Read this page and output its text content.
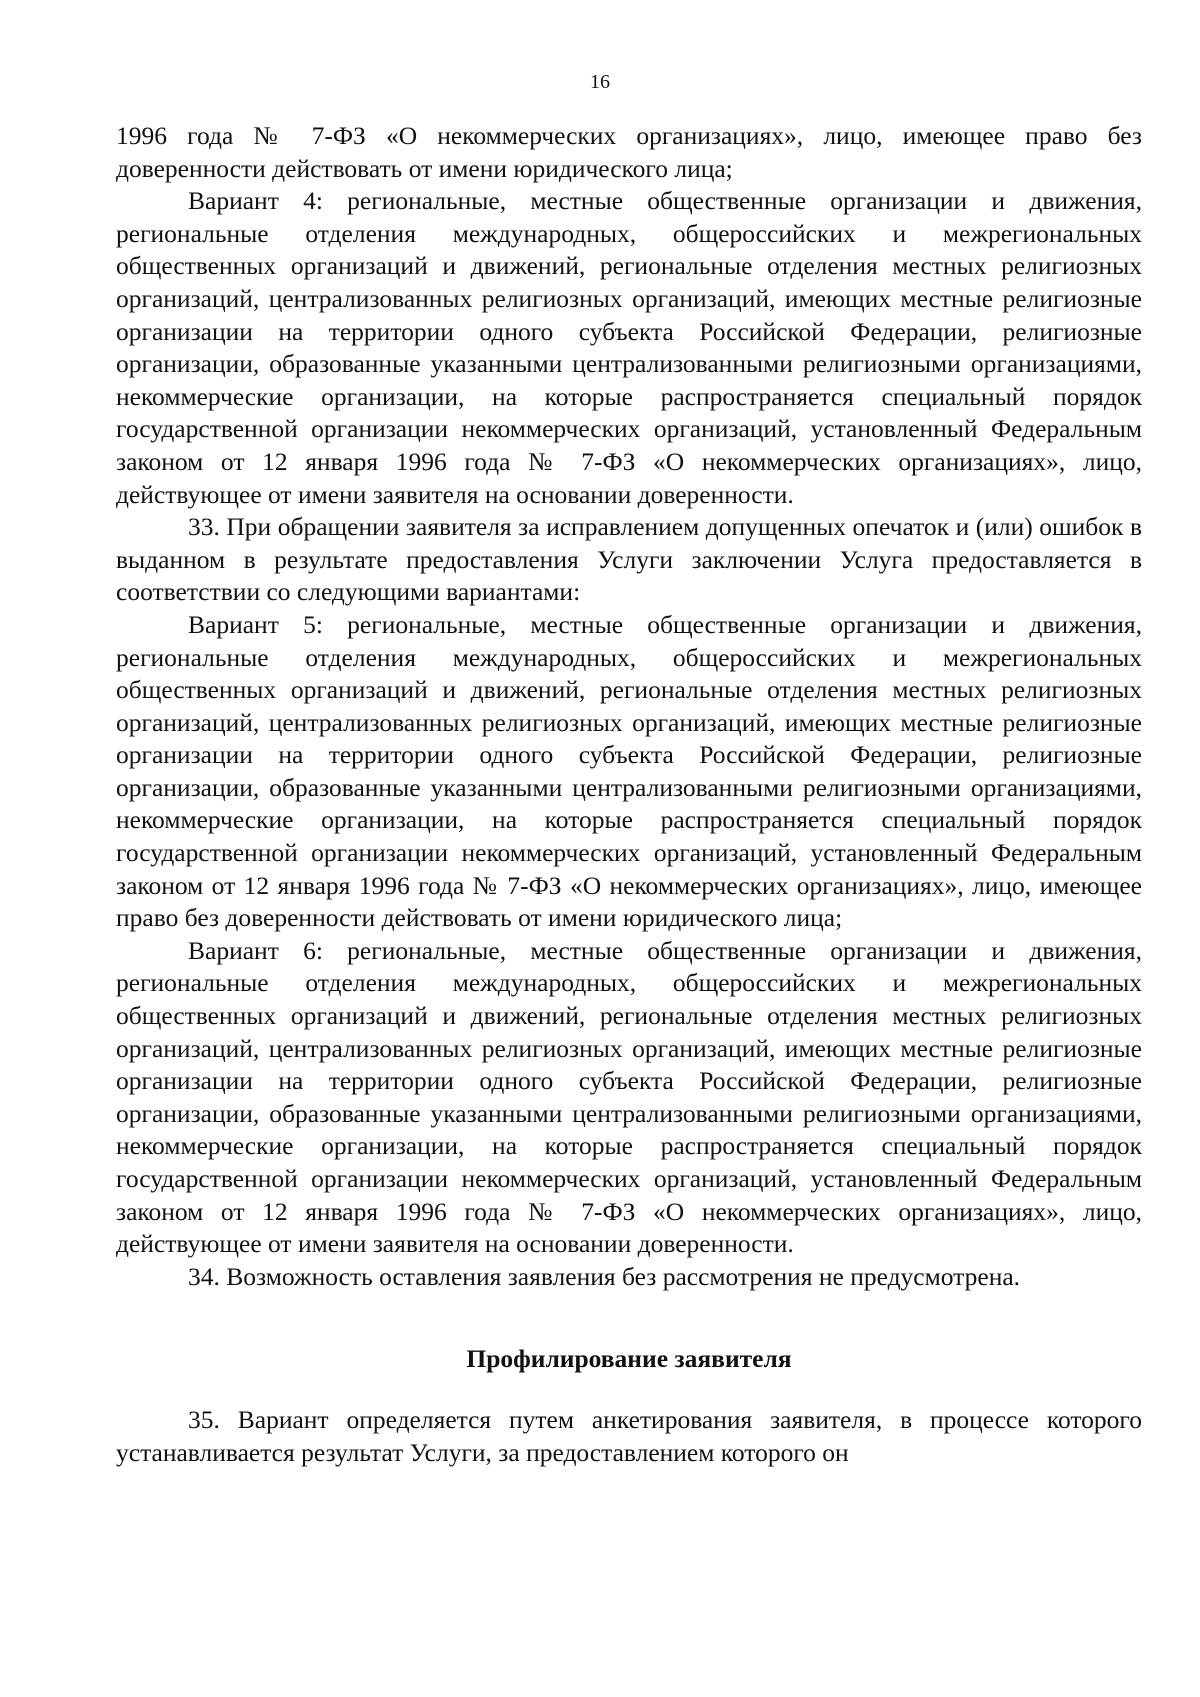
16

1996 года № 7-ФЗ «О некоммерческих организациях», лицо, имеющее право без доверенности действовать от имени юридического лица;

Вариант 4: региональные, местные общественные организации и движения, региональные отделения международных, общероссийских и межрегиональных общественных организаций и движений, региональные отделения местных религиозных организаций, централизованных религиозных организаций, имеющих местные религиозные организации на территории одного субъекта Российской Федерации, религиозные организации, образованные указанными централизованными религиозными организациями, некоммерческие организации, на которые распространяется специальный порядок государственной организации некоммерческих организаций, установленный Федеральным законом от 12 января 1996 года № 7-ФЗ «О некоммерческих организациях», лицо, действующее от имени заявителя на основании доверенности.

33. При обращении заявителя за исправлением допущенных опечаток и (или) ошибок в выданном в результате предоставления Услуги заключении Услуга предоставляется в соответствии со следующими вариантами:

Вариант 5: региональные, местные общественные организации и движения, региональные отделения международных, общероссийских и межрегиональных общественных организаций и движений, региональные отделения местных религиозных организаций, централизованных религиозных организаций, имеющих местные религиозные организации на территории одного субъекта Российской Федерации, религиозные организации, образованные указанными централизованными религиозными организациями, некоммерческие организации, на которые распространяется специальный порядок государственной организации некоммерческих организаций, установленный Федеральным законом от 12 января 1996 года № 7-ФЗ «О некоммерческих организациях», лицо, имеющее право без доверенности действовать от имени юридического лица;

Вариант 6: региональные, местные общественные организации и движения, региональные отделения международных, общероссийских и межрегиональных общественных организаций и движений, региональные отделения местных религиозных организаций, централизованных религиозных организаций, имеющих местные религиозные организации на территории одного субъекта Российской Федерации, религиозные организации, образованные указанными централизованными религиозными организациями, некоммерческие организации, на которые распространяется специальный порядок государственной организации некоммерческих организаций, установленный Федеральным законом от 12 января 1996 года № 7-ФЗ «О некоммерческих организациях», лицо, действующее от имени заявителя на основании доверенности.

34. Возможность оставления заявления без рассмотрения не предусмотрена.

Профилирование заявителя

35. Вариант определяется путем анкетирования заявителя, в процессе которого устанавливается результат Услуги, за предоставлением которого он
